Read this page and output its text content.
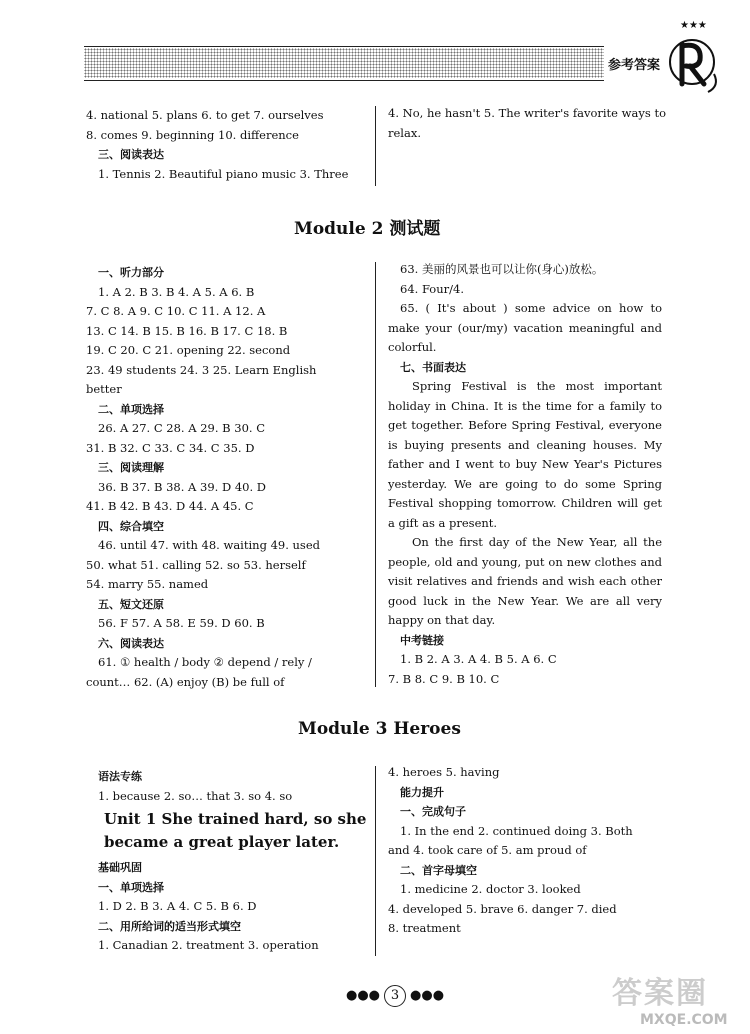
参考答案
★★★

4. national 5. plans 6. to get 7. ourselves

8. comes 9. beginning 10. difference

三、阅读表达

1. Tennis 2. Beautiful piano music 3. Three

4. No, he hasn't 5. The writer's favorite ways to relax.

Module 2 测试题

一、听力部分

1. A 2. B 3. B 4. A 5. A 6. B

7. C 8. A 9. C 10. C 11. A 12. A

13. C 14. B 15. B 16. B 17. C 18. B

19. C 20. C 21. opening 22. second

23. 49 students 24. 3 25. Learn English

better

二、单项选择

26. A 27. C 28. A 29. B 30. C

31. B 32. C 33. C 34. C 35. D

三、阅读理解

36. B 37. B 38. A 39. D 40. D

41. B 42. B 43. D 44. A 45. C

四、综合填空

46. until 47. with 48. waiting 49. used

50. what 51. calling 52. so 53. herself

54. marry 55. named

五、短文还原

56. F 57. A 58. E 59. D 60. B

六、阅读表达

61. ① health / body ② depend / rely /

count… 62. (A) enjoy (B) be full of

63. 美丽的风景也可以让你(身心)放松。

64. Four/4.

65. ( It's about ) some advice on how to make your (our/my) vacation meaningful and colorful.

七、书面表达

Spring Festival is the most important holiday in China. It is the time for a family to get together. Before Spring Festival, everyone is buying presents and cleaning houses. My father and I went to buy New Year's Pictures yesterday. We are going to do some Spring Festival shopping tomorrow. Children will get a gift as a present.

On the first day of the New Year, all the people, old and young, put on new clothes and visit relatives and friends and wish each other good luck in the New Year. We are all very happy on that day.

中考链接

1. B 2. A 3. A 4. B 5. A 6. C

7. B 8. C 9. B 10. C

Module 3 Heroes

语法专练

1. because 2. so… that 3. so 4. so

Unit 1 She trained hard, so she became a great player later.

基础巩固

一、单项选择

1. D 2. B 3. A 4. C 5. B 6. D

二、用所给词的适当形式填空

1. Canadian 2. treatment 3. operation

4. heroes 5. having

能力提升

一、完成句子

1. In the end 2. continued doing 3. Both

and 4. took care of 5. am proud of

二、首字母填空

1. medicine 2. doctor 3. looked

4. developed 5. brave 6. danger 7. died

8. treatment

●●● 3 ●●●	答案圈
MXQE.COM
